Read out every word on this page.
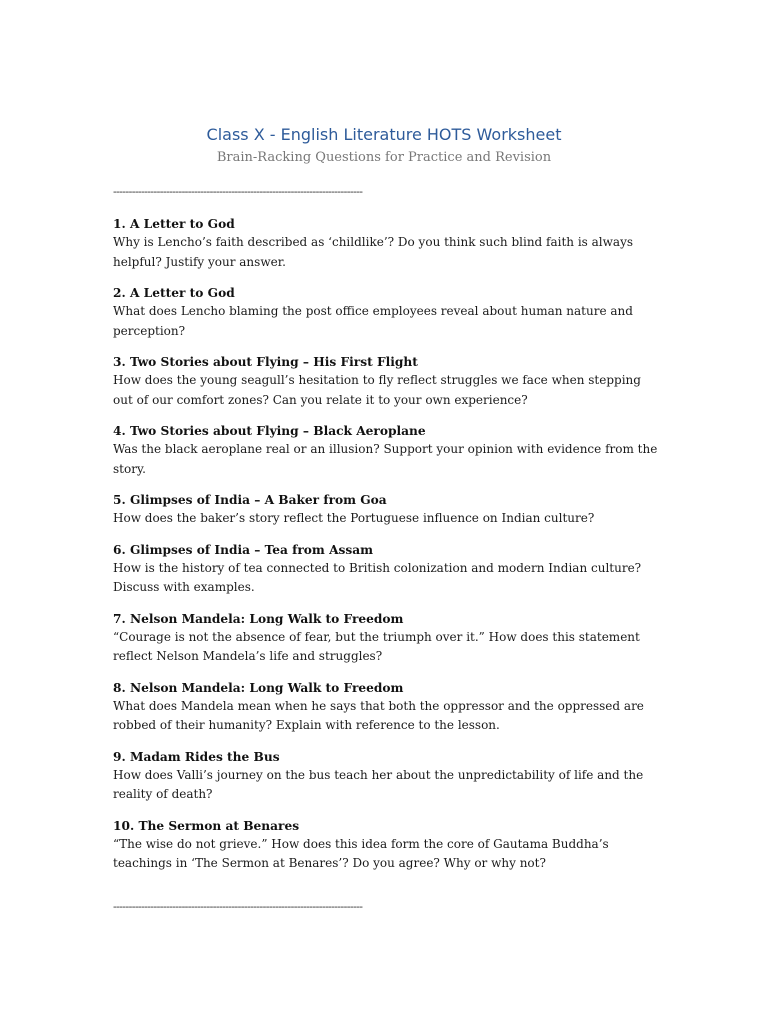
Class X - English Literature HOTS Worksheet
Brain-Racking Questions for Practice and Revision
--------------------------------------------------------------------------------
1. A Letter to God
Why is Lencho’s faith described as ‘childlike’? Do you think such blind faith is always helpful? Justify your answer.
2. A Letter to God
What does Lencho blaming the post office employees reveal about human nature and perception?
3. Two Stories about Flying – His First Flight
How does the young seagull’s hesitation to fly reflect struggles we face when stepping out of our comfort zones? Can you relate it to your own experience?
4. Two Stories about Flying – Black Aeroplane
Was the black aeroplane real or an illusion? Support your opinion with evidence from the story.
5. Glimpses of India – A Baker from Goa
How does the baker’s story reflect the Portuguese influence on Indian culture?
6. Glimpses of India – Tea from Assam
How is the history of tea connected to British colonization and modern Indian culture? Discuss with examples.
7. Nelson Mandela: Long Walk to Freedom
“Courage is not the absence of fear, but the triumph over it.” How does this statement reflect Nelson Mandela’s life and struggles?
8. Nelson Mandela: Long Walk to Freedom
What does Mandela mean when he says that both the oppressor and the oppressed are robbed of their humanity? Explain with reference to the lesson.
9. Madam Rides the Bus
How does Valli’s journey on the bus teach her about the unpredictability of life and the reality of death?
10. The Sermon at Benares
“The wise do not grieve.” How does this idea form the core of Gautama Buddha’s teachings in ‘The Sermon at Benares’? Do you agree? Why or why not?
--------------------------------------------------------------------------------
